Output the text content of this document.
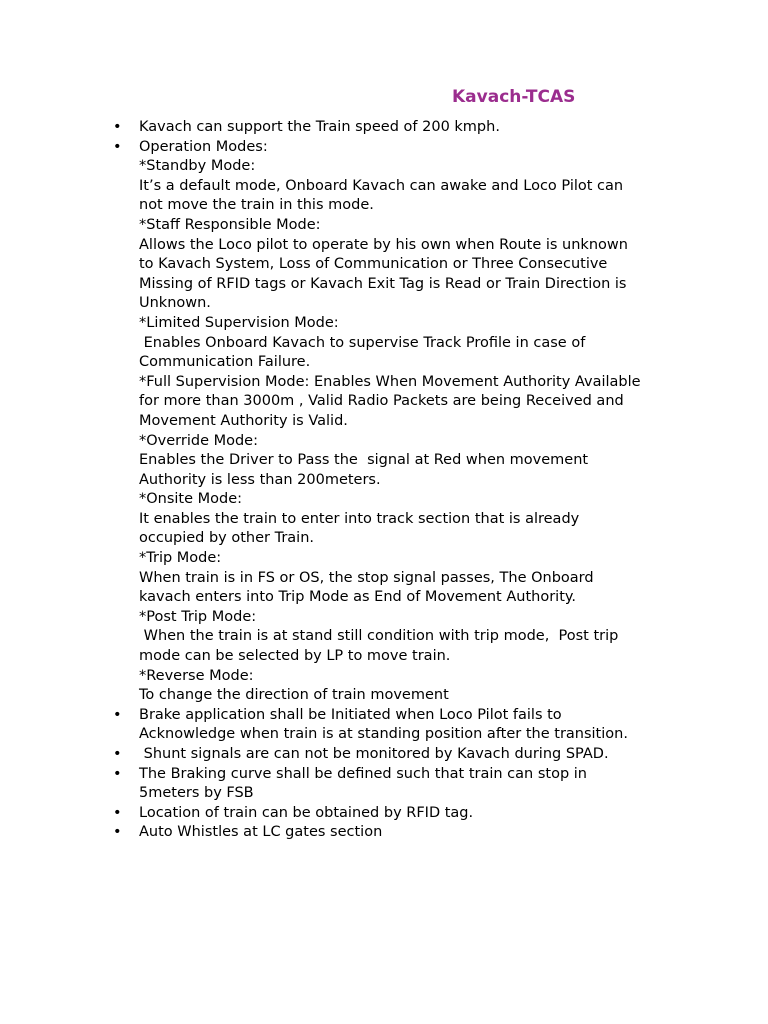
Kavach-TCAS
• Kavach can support the Train speed of 200 kmph.
• Operation Modes:
*Standby Mode:
It’s a default mode, Onboard Kavach can awake and Loco Pilot can
not move the train in this mode.
*Staff Responsible Mode:
Allows the Loco pilot to operate by his own when Route is unknown
to Kavach System, Loss of Communication or Three Consecutive
Missing of RFID tags or Kavach Exit Tag is Read or Train Direction is
Unknown.
*Limited Supervision Mode:
Enables Onboard Kavach to supervise Track Profile in case of
Communication Failure.
*Full Supervision Mode: Enables When Movement Authority Available
for more than 3000m , Valid Radio Packets are being Received and
Movement Authority is Valid.
*Override Mode:
Enables the Driver to Pass the  signal at Red when movement
Authority is less than 200meters.
*Onsite Mode:
It enables the train to enter into track section that is already
occupied by other Train.
*Trip Mode:
When train is in FS or OS, the stop signal passes, The Onboard
kavach enters into Trip Mode as End of Movement Authority.
*Post Trip Mode:
When the train is at stand still condition with trip mode,  Post trip
mode can be selected by LP to move train.
*Reverse Mode:
To change the direction of train movement
• Brake application shall be Initiated when Loco Pilot fails to
Acknowledge when train is at standing position after the transition.
• Shunt signals are can not be monitored by Kavach during SPAD.
• The Braking curve shall be defined such that train can stop in
5meters by FSB
• Location of train can be obtained by RFID tag.
• Auto Whistles at LC gates section
